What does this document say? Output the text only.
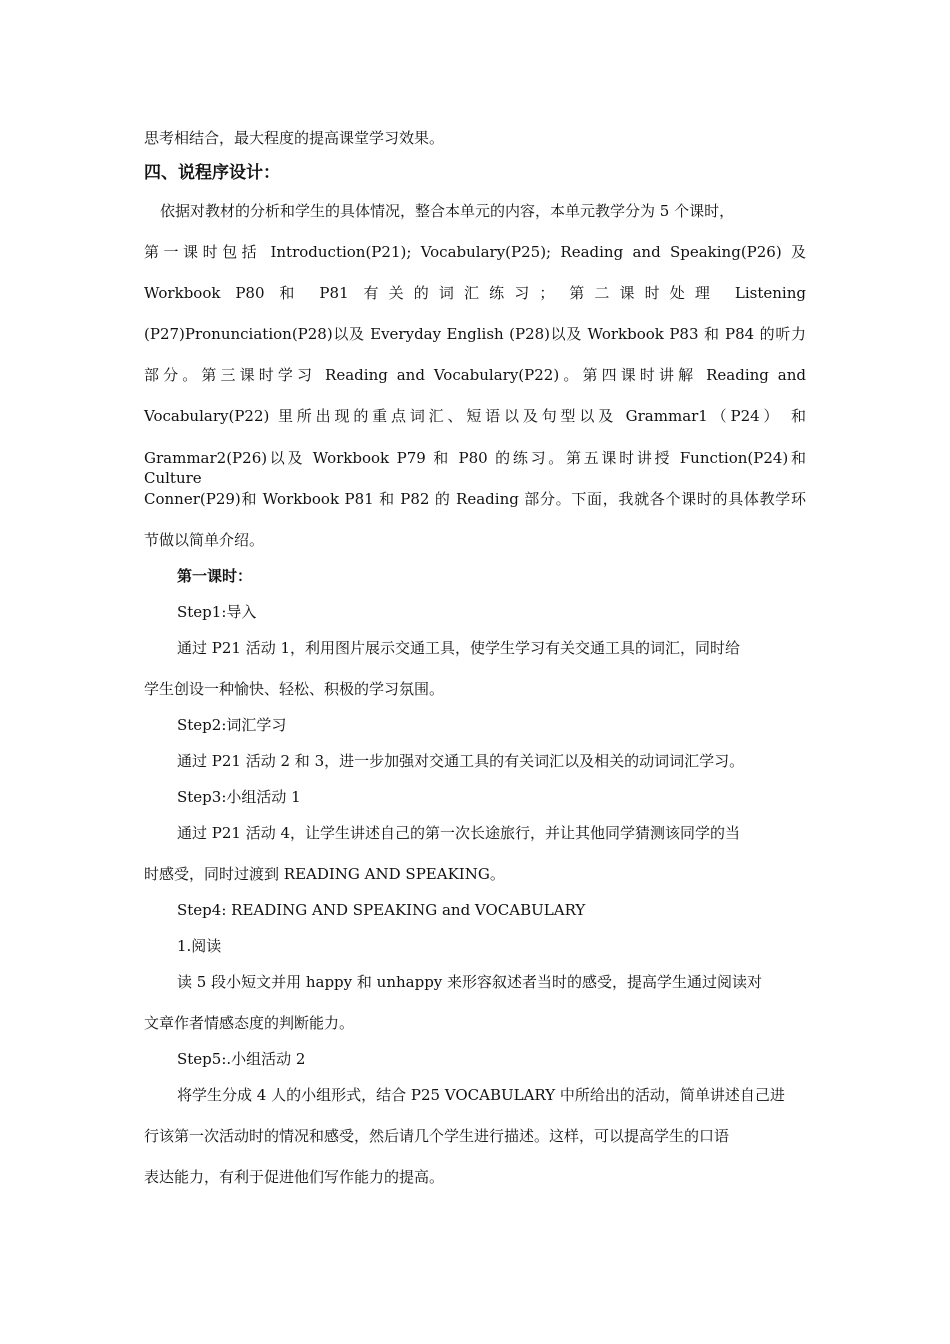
思考相结合，最大程度的提高课堂学习效果。
四、说程序设计：
依据对教材的分析和学生的具体情况，整合本单元的内容，本单元教学分为 5 个课时，
第一课时包括 Introduction(P21); Vocabulary(P25); Reading and Speaking(P26) 及
Workbook P80 和 P81 有关的词汇练习； 第二课时处理 Listening
(P27)Pronunciation(P28)以及 Everyday English (P28)以及 Workbook P83 和 P84 的听力
部分。第三课时学习 Reading and Vocabulary(P22)。第四课时讲解 Reading and
Vocabulary(P22) 里所出现的重点词汇、短语以及句型以及 Grammar1（P24） 和
Grammar2(P26)以及 Workbook P79 和 P80 的练习。第五课时讲授 Function(P24)和 Culture
Conner(P29)和 Workbook P81 和 P82 的 Reading 部分。下面，我就各个课时的具体教学环
节做以简单介绍。
第一课时：
Step1:导入
通过 P21 活动 1，利用图片展示交通工具，使学生学习有关交通工具的词汇，同时给
学生创设一种愉快、轻松、积极的学习氛围。
Step2:词汇学习
通过 P21 活动 2 和 3，进一步加强对交通工具的有关词汇以及相关的动词词汇学习。
Step3:小组活动 1
通过 P21 活动 4，让学生讲述自己的第一次长途旅行，并让其他同学猜测该同学的当
时感受，同时过渡到 READING AND SPEAKING。
Step4: READING AND SPEAKING and VOCABULARY
1.阅读
读 5 段小短文并用 happy 和 unhappy 来形容叙述者当时的感受，提高学生通过阅读对
文章作者情感态度的判断能力。
Step5:.小组活动 2
将学生分成 4 人的小组形式，结合 P25 VOCABULARY 中所给出的活动，简单讲述自己进
行该第一次活动时的情况和感受，然后请几个学生进行描述。这样，可以提高学生的口语
表达能力，有利于促进他们写作能力的提高。
